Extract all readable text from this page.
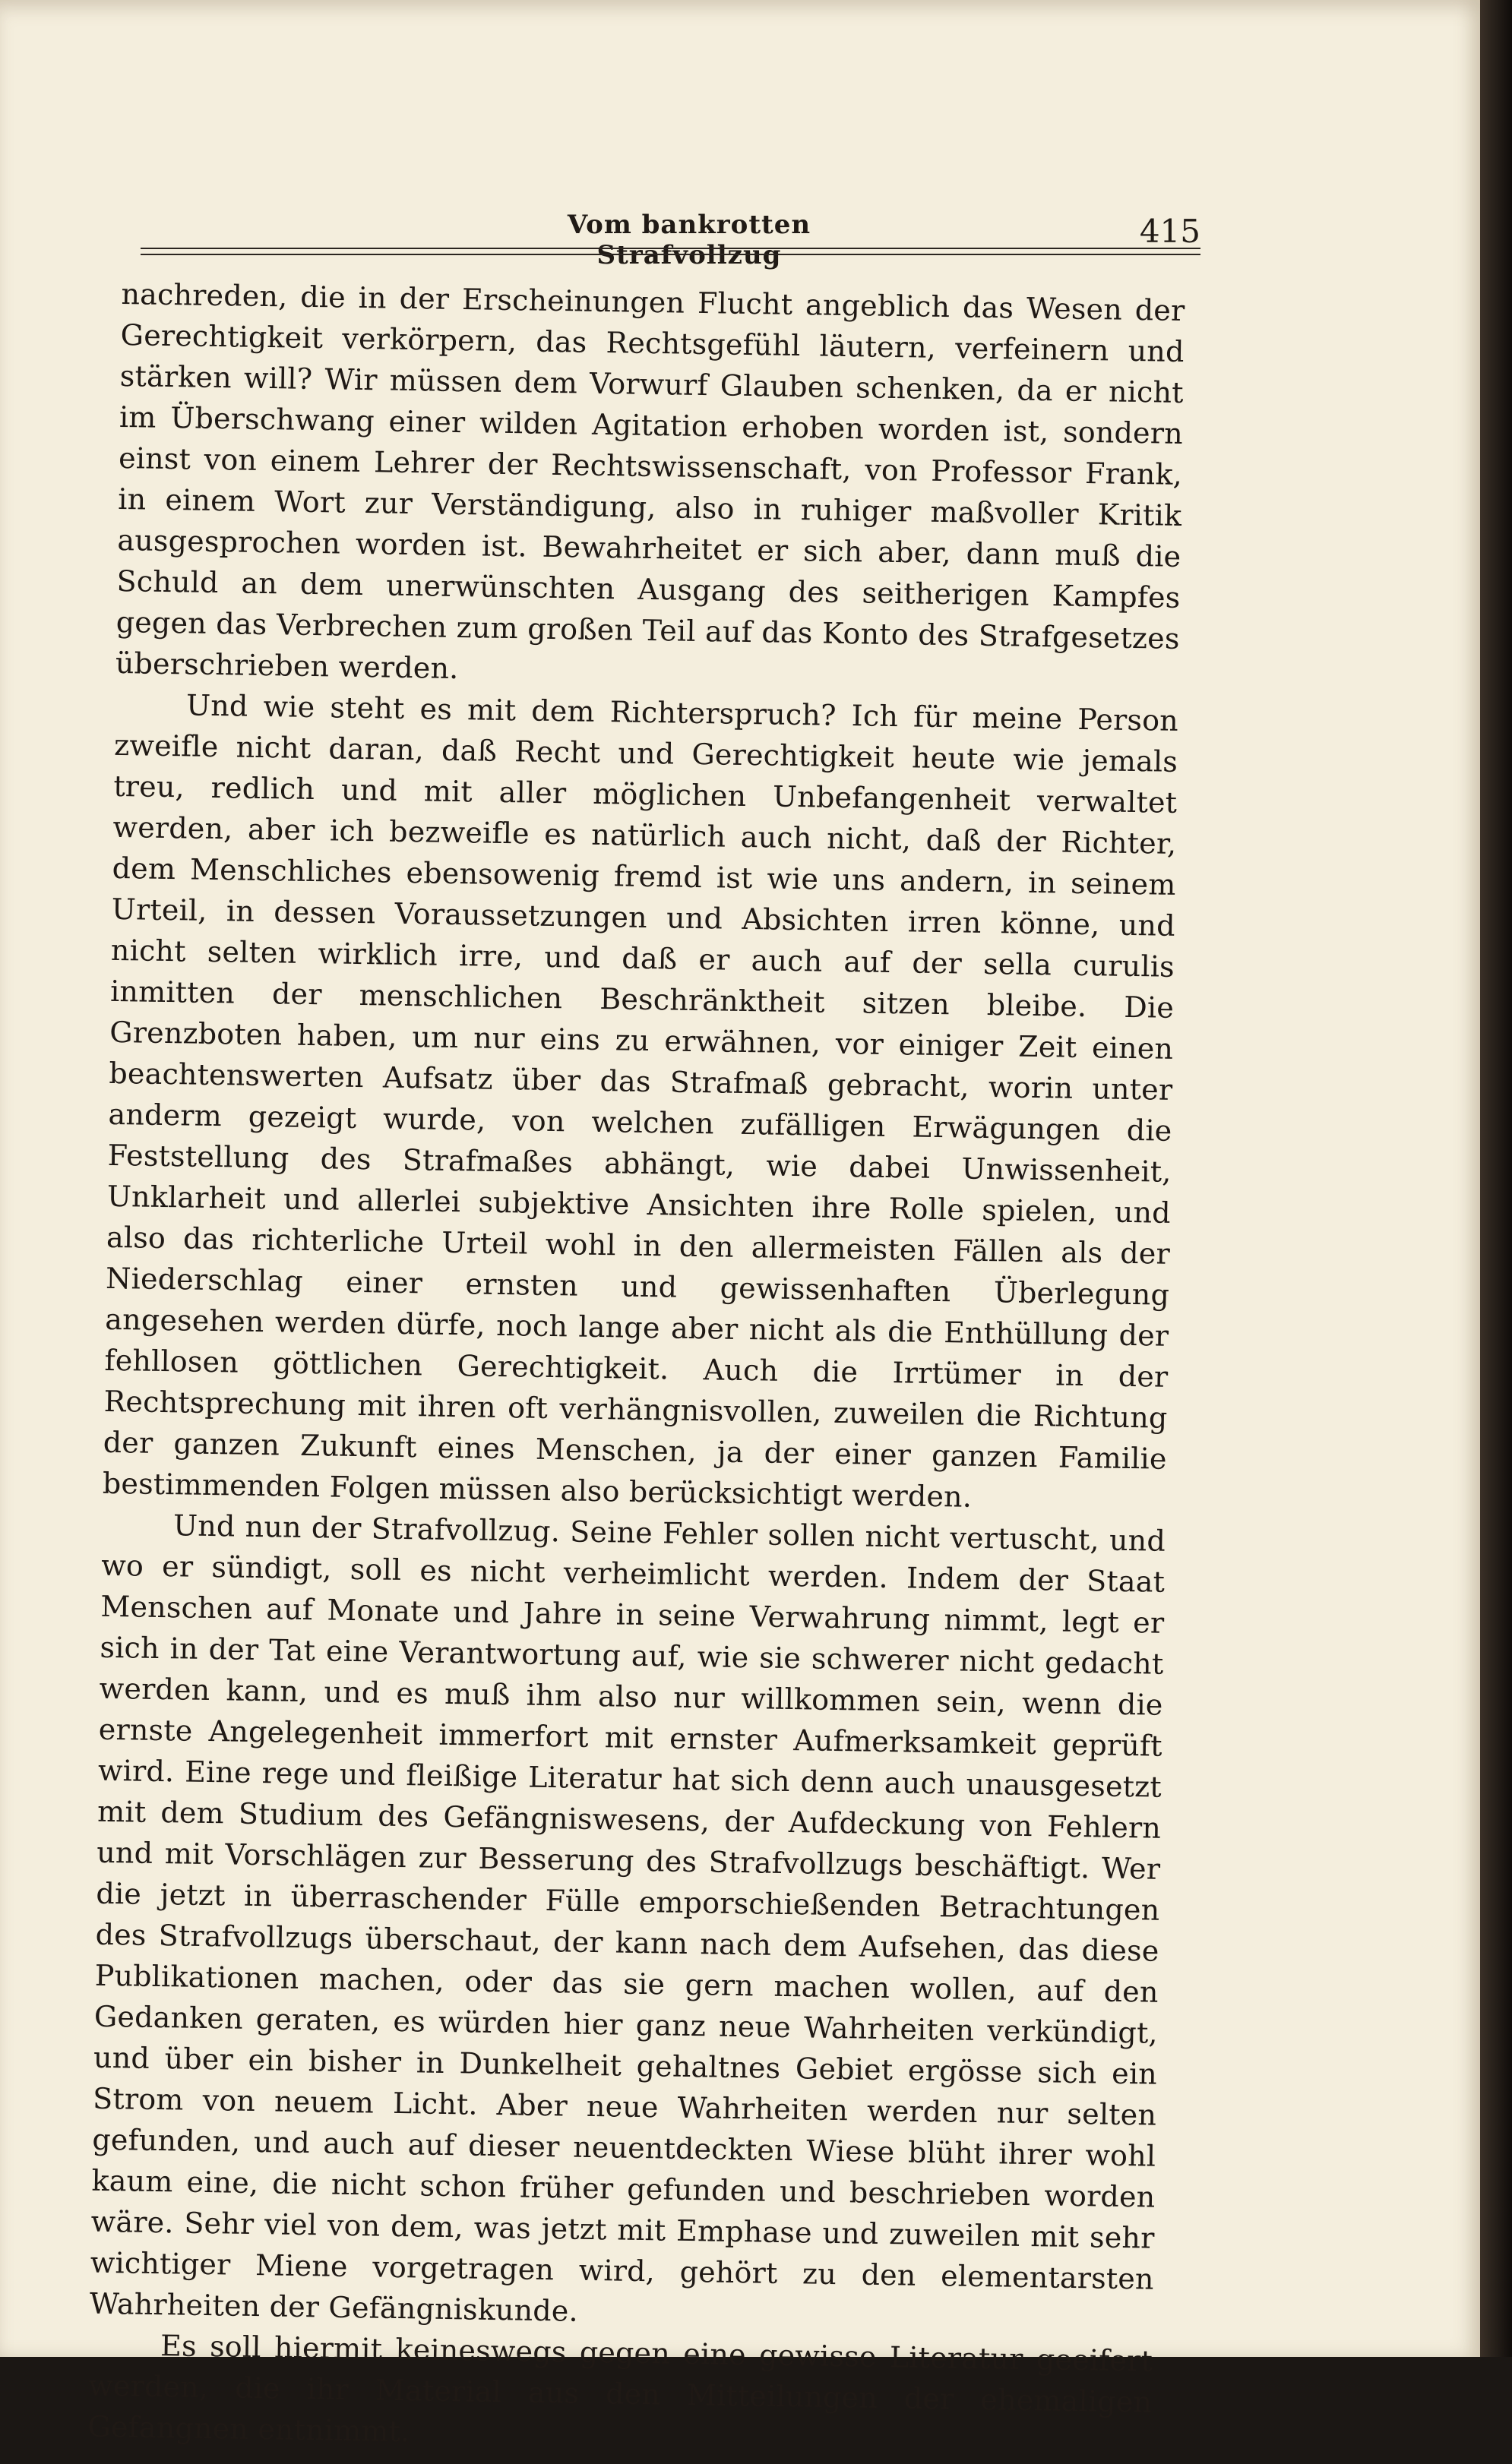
Vom bankrotten Strafvollzug
415

nachreden, die in der Erscheinungen Flucht angeblich das Wesen der Gerechtigkeit verkörpern, das Rechtsgefühl läutern, verfeinern und stärken will? Wir müssen dem Vorwurf Glauben schenken, da er nicht im Überschwang einer wilden Agitation erhoben worden ist, sondern einst von einem Lehrer der Rechtswissenschaft, von Professor Frank, in einem Wort zur Verständigung, also in ruhiger maßvoller Kritik ausgesprochen worden ist. Bewahrheitet er sich aber, dann muß die Schuld an dem unerwünschten Ausgang des seitherigen Kampfes gegen das Verbrechen zum großen Teil auf das Konto des Strafgesetzes überschrieben werden.

Und wie steht es mit dem Richterspruch? Ich für meine Person zweifle nicht daran, daß Recht und Gerechtigkeit heute wie jemals treu, redlich und mit aller möglichen Unbefangenheit verwaltet werden, aber ich bezweifle es natürlich auch nicht, daß der Richter, dem Menschliches ebensowenig fremd ist wie uns andern, in seinem Urteil, in dessen Voraussetzungen und Absichten irren könne, und nicht selten wirklich irre, und daß er auch auf der sella curulis inmitten der menschlichen Beschränktheit sitzen bleibe. Die Grenzboten haben, um nur eins zu erwähnen, vor einiger Zeit einen beachtenswerten Aufsatz über das Strafmaß gebracht, worin unter anderm gezeigt wurde, von welchen zufälligen Erwägungen die Feststellung des Strafmaßes abhängt, wie dabei Unwissenheit, Unklarheit und allerlei subjektive Ansichten ihre Rolle spielen, und also das richterliche Urteil wohl in den allermeisten Fällen als der Niederschlag einer ernsten und gewissenhaften Überlegung angesehen werden dürfe, noch lange aber nicht als die Enthüllung der fehllosen göttlichen Gerechtigkeit. Auch die Irrtümer in der Rechtsprechung mit ihren oft verhängnisvollen, zuweilen die Richtung der ganzen Zukunft eines Menschen, ja der einer ganzen Familie bestimmenden Folgen müssen also berücksichtigt werden.

Und nun der Strafvollzug. Seine Fehler sollen nicht vertuscht, und wo er sündigt, soll es nicht verheimlicht werden. Indem der Staat Menschen auf Monate und Jahre in seine Verwahrung nimmt, legt er sich in der Tat eine Verantwortung auf, wie sie schwerer nicht gedacht werden kann, und es muß ihm also nur willkommen sein, wenn die ernste Angelegenheit immerfort mit ernster Aufmerksamkeit geprüft wird. Eine rege und fleißige Literatur hat sich denn auch unausgesetzt mit dem Studium des Gefängniswesens, der Aufdeckung von Fehlern und mit Vorschlägen zur Besserung des Strafvollzugs beschäftigt. Wer die jetzt in überraschender Fülle emporschießenden Betrachtungen des Strafvollzugs überschaut, der kann nach dem Aufsehen, das diese Publikationen machen, oder das sie gern machen wollen, auf den Gedanken geraten, es würden hier ganz neue Wahrheiten verkündigt, und über ein bisher in Dunkelheit gehaltnes Gebiet ergösse sich ein Strom von neuem Licht. Aber neue Wahrheiten werden nur selten gefunden, und auch auf dieser neuentdeckten Wiese blüht ihrer wohl kaum eine, die nicht schon früher gefunden und beschrieben worden wäre. Sehr viel von dem, was jetzt mit Emphase und zuweilen mit sehr wichtiger Miene vorgetragen wird, gehört zu den elementarsten Wahrheiten der Gefängniskunde.

Es soll hiermit keineswegs gegen eine gewisse Literatur geeifert werden, die ihr Material aus den Mitteilungen der ehemaligen Gefangnen entnimmt.
